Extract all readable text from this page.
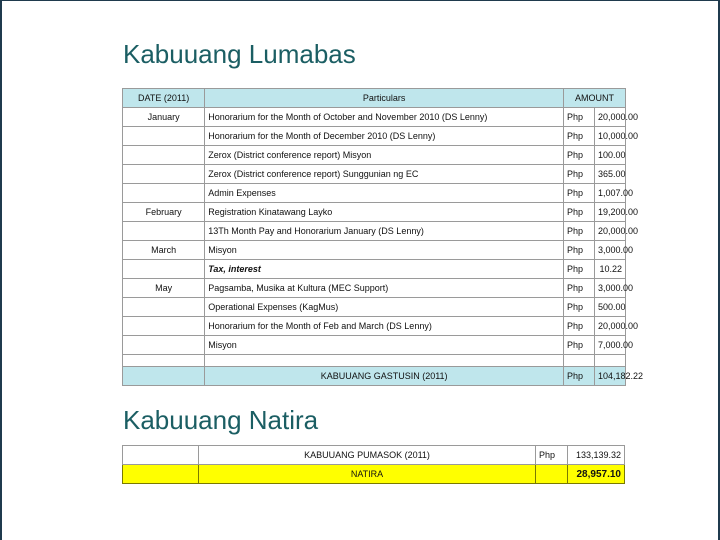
Kabuuang Lumabas
DATE (2011)	Particulars	AMOUNT	
January	Honorarium for the Month of October and November 2010 (DS Lenny)	Php	20,000.00
	Honorarium for the Month of December 2010 (DS Lenny)	Php	10,000.00
	Zerox (District conference report) Misyon	Php	100.00
	Zerox (District conference report) Sunggunian ng EC	Php	365.00
	Admin Expenses	Php	1,007.00
February	Registration Kinatawang Layko	Php	19,200.00
	13Th Month Pay and Honorarium January (DS Lenny)	Php	20,000.00
March	Misyon	Php	3,000.00
	Tax, interest	Php	10.22
May	Pagsamba, Musika at Kultura (MEC Support)	Php	3,000.00
	Operational Expenses (KagMus)	Php	500.00
	Honorarium for the Month of Feb and March (DS Lenny)	Php	20,000.00
	Misyon	Php	7,000.00

	KABUUANG GASTUSIN (2011)	Php	104,182.22
Kabuuang Natira
	KABUUANG PUMASOK (2011)	Php	133,139.32
	NATIRA		28,957.10
